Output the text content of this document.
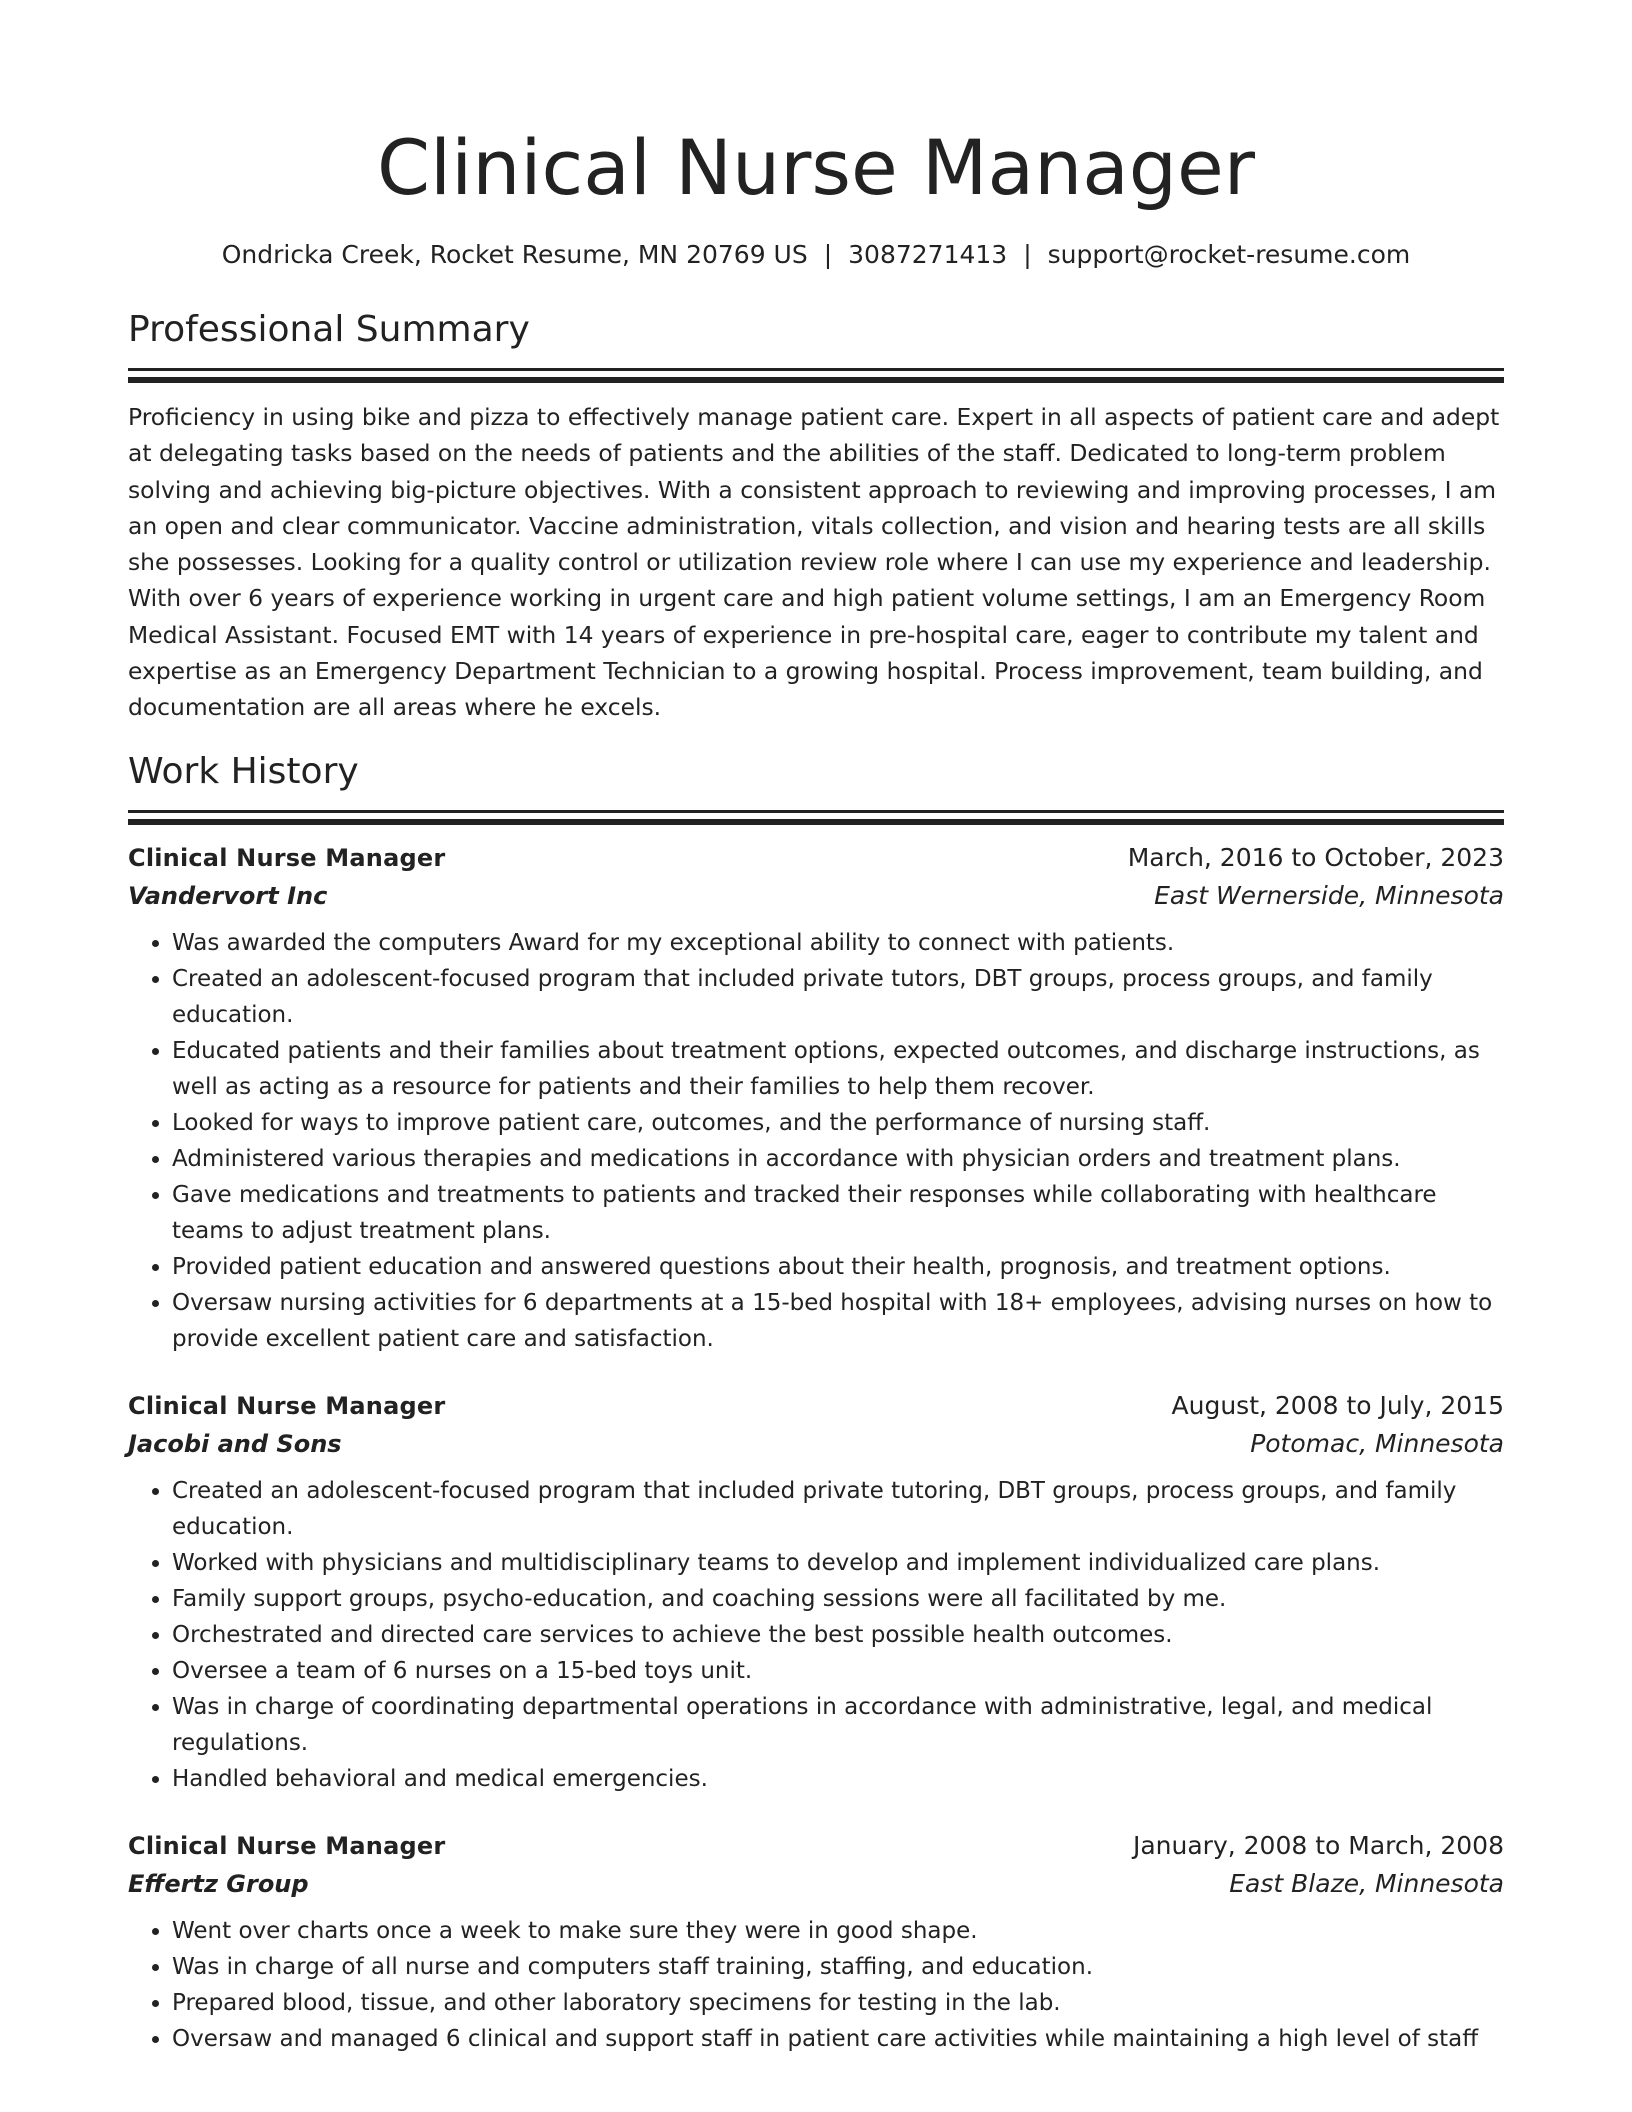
Clinical Nurse Manager
Ondricka Creek, Rocket Resume, MN 20769 US | 3087271413 | support@rocket-resume.com
Professional Summary

Proficiency in using bike and pizza to effectively manage patient care. Expert in all aspects of patient care and adept at delegating tasks based on the needs of patients and the abilities of the staff. Dedicated to long-term problem solving and achieving big-picture objectives. With a consistent approach to reviewing and improving processes, I am an open and clear communicator. Vaccine administration, vitals collection, and vision and hearing tests are all skills she possesses. Looking for a quality control or utilization review role where I can use my experience and leadership. With over 6 years of experience working in urgent care and high patient volume settings, I am an Emergency Room Medical Assistant. Focused EMT with 14 years of experience in pre-hospital care, eager to contribute my talent and expertise as an Emergency Department Technician to a growing hospital. Process improvement, team building, and documentation are all areas where he excels.

Work History
Clinical Nurse Manager	March, 2016 to October, 2023
Vandervort Inc	East Wernerside, Minnesota
• Was awarded the computers Award for my exceptional ability to connect with patients.
• Created an adolescent-focused program that included private tutors, DBT groups, process groups, and family education.
• Educated patients and their families about treatment options, expected outcomes, and discharge instructions, as well as acting as a resource for patients and their families to help them recover.
• Looked for ways to improve patient care, outcomes, and the performance of nursing staff.
• Administered various therapies and medications in accordance with physician orders and treatment plans.
• Gave medications and treatments to patients and tracked their responses while collaborating with healthcare teams to adjust treatment plans.
• Provided patient education and answered questions about their health, prognosis, and treatment options.
• Oversaw nursing activities for 6 departments at a 15-bed hospital with 18+ employees, advising nurses on how to provide excellent patient care and satisfaction.
Clinical Nurse Manager	August, 2008 to July, 2015
Jacobi and Sons	Potomac, Minnesota
• Created an adolescent-focused program that included private tutoring, DBT groups, process groups, and family education.
• Worked with physicians and multidisciplinary teams to develop and implement individualized care plans.
• Family support groups, psycho-education, and coaching sessions were all facilitated by me.
• Orchestrated and directed care services to achieve the best possible health outcomes.
• Oversee a team of 6 nurses on a 15-bed toys unit.
• Was in charge of coordinating departmental operations in accordance with administrative, legal, and medical regulations.
• Handled behavioral and medical emergencies.
Clinical Nurse Manager	January, 2008 to March, 2008
Effertz Group	East Blaze, Minnesota
• Went over charts once a week to make sure they were in good shape.
• Was in charge of all nurse and computers staff training, staffing, and education.
• Prepared blood, tissue, and other laboratory specimens for testing in the lab.
• Oversaw and managed 6 clinical and support staff in patient care activities while maintaining a high level of staff
